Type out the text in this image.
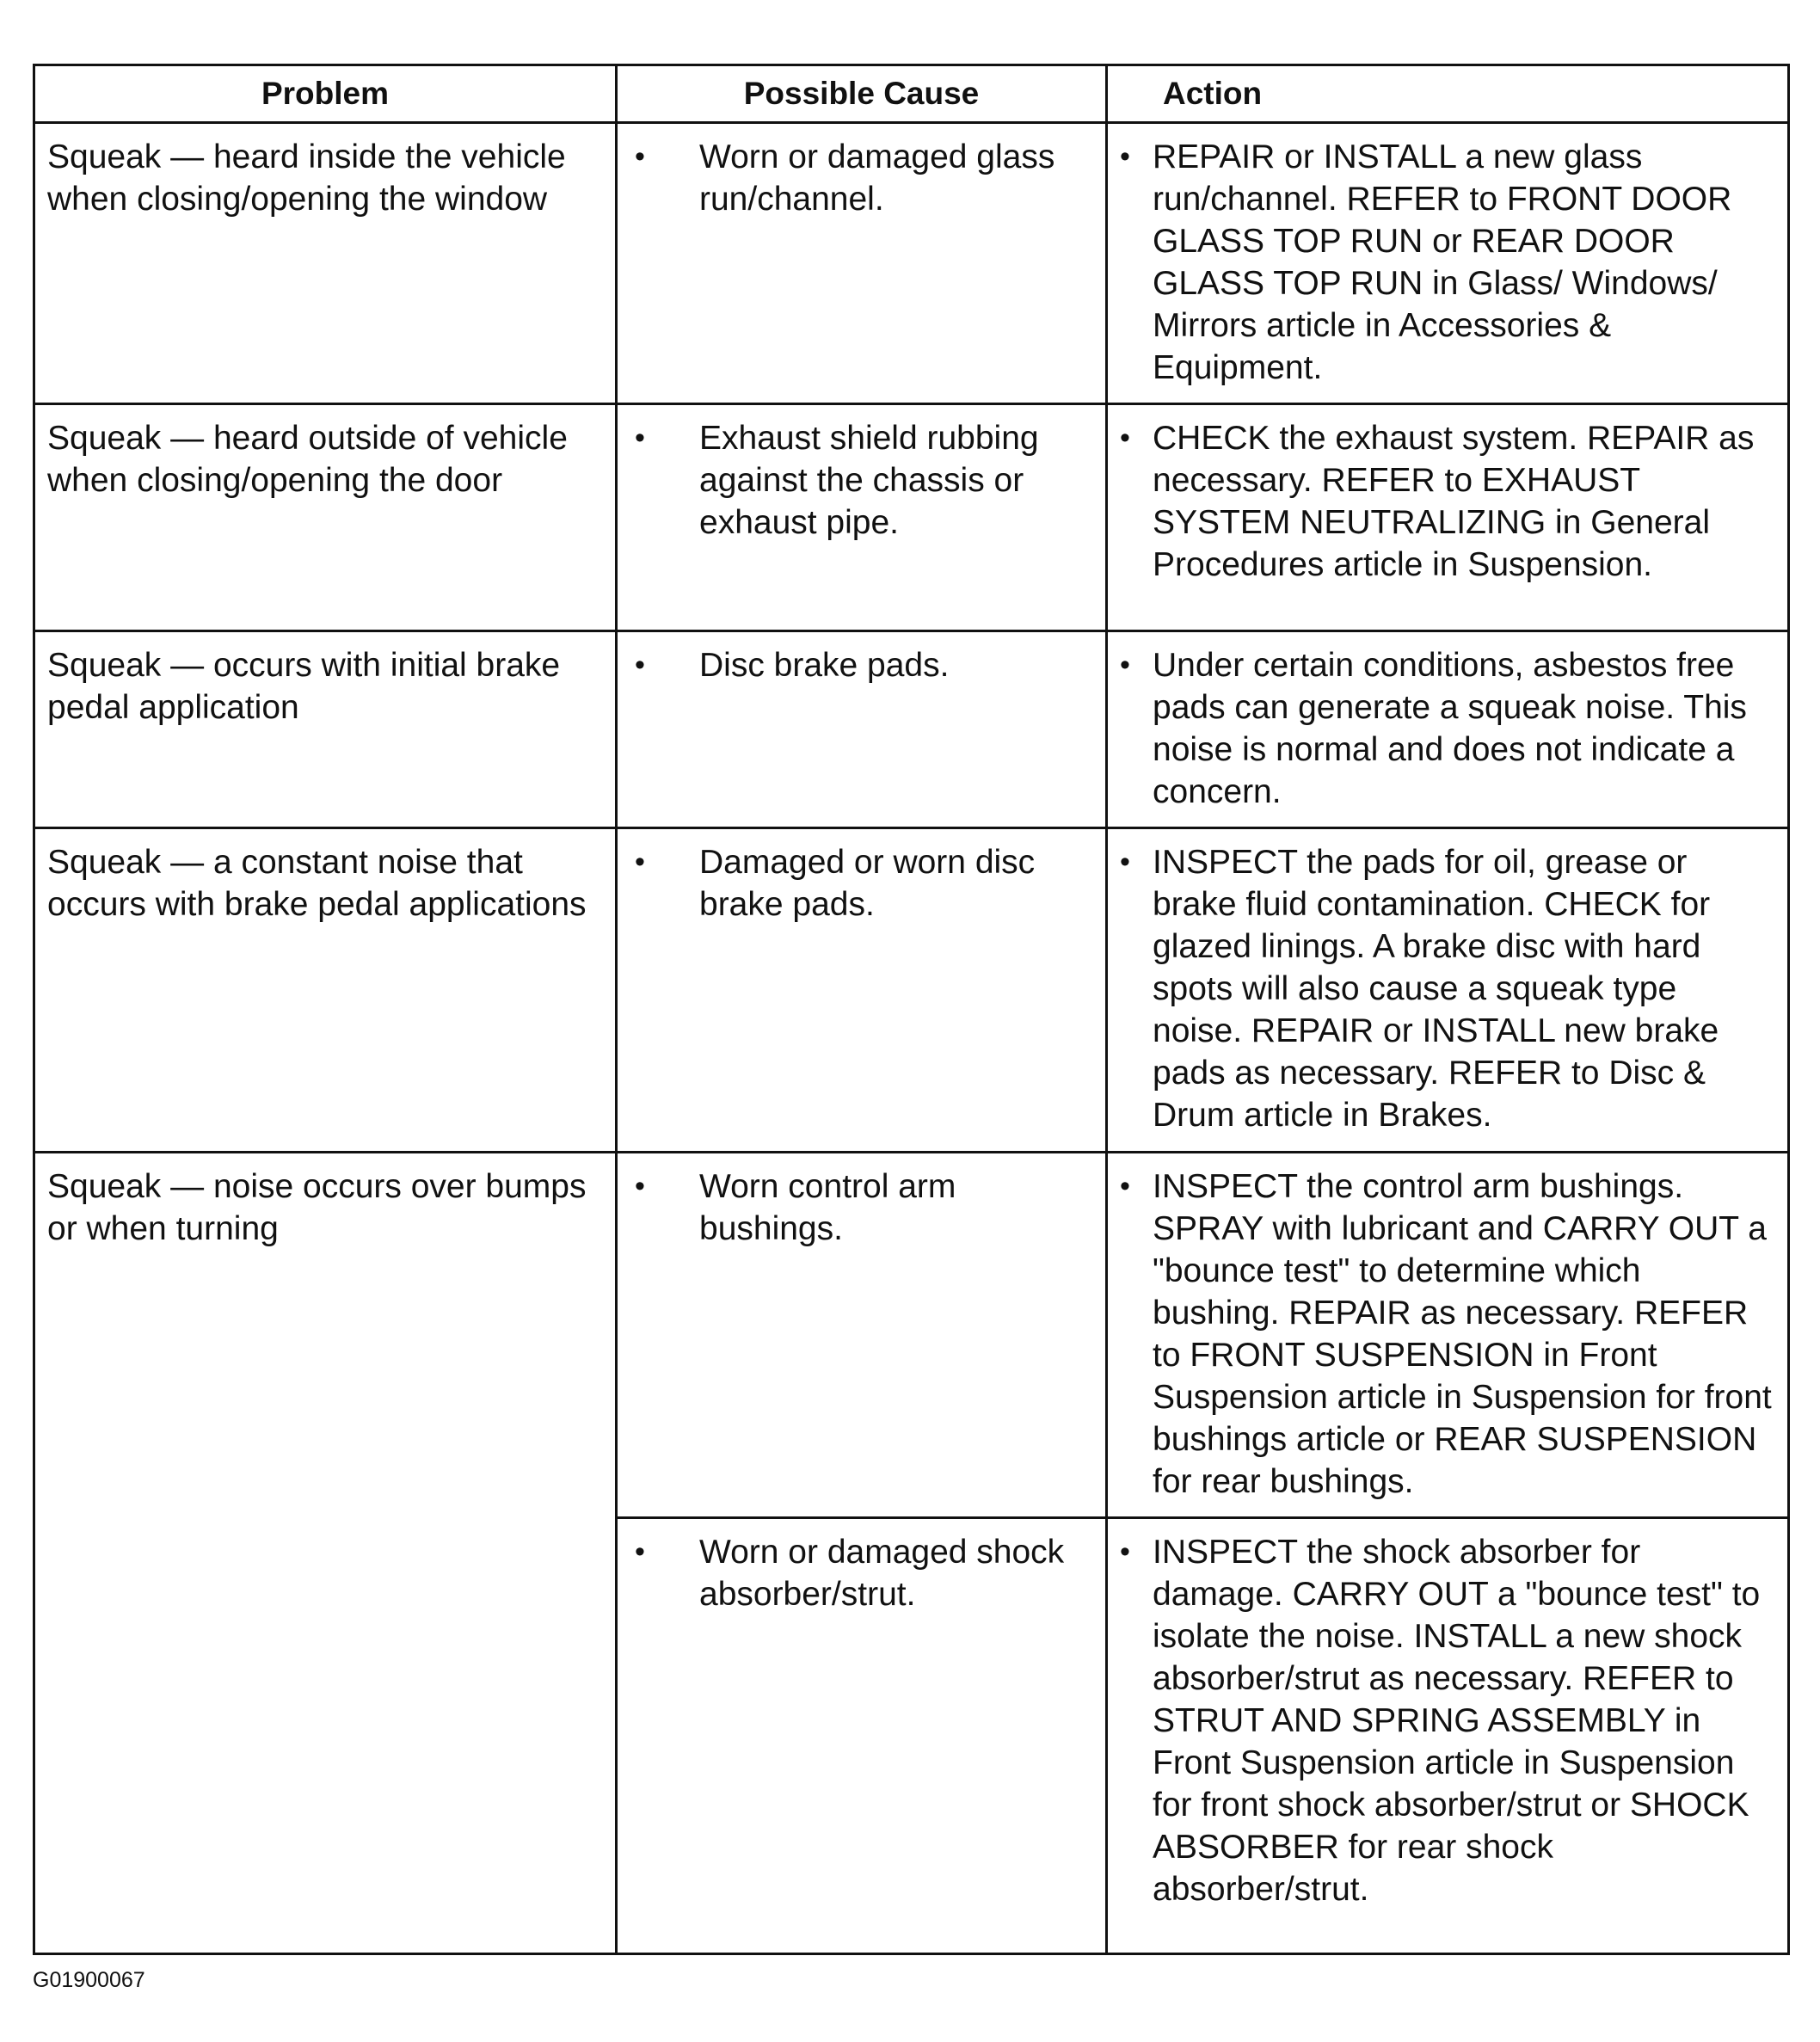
Problem	Possible Cause	Action
Squeak — heard inside the vehicle when closing/opening the window	• Worn or damaged glass run/channel.	• REPAIR or INSTALL a new glass run/channel. REFER to FRONT DOOR GLASS TOP RUN or REAR DOOR GLASS TOP RUN in Glass/ Windows/ Mirrors article in Accessories & Equipment.

Squeak — heard outside of vehicle when closing/opening the door	• Exhaust shield rubbing against the chassis or exhaust pipe.	• CHECK the exhaust system. REPAIR as necessary. REFER to EXHAUST SYSTEM NEUTRALIZING in General Procedures article in Suspension.

Squeak — occurs with initial brake pedal application	• Disc brake pads.	• Under certain conditions, asbestos free pads can generate a squeak noise. This noise is normal and does not indicate a concern.

Squeak — a constant noise that occurs with brake pedal applications	• Damaged or worn disc brake pads.	• INSPECT the pads for oil, grease or brake fluid contamination. CHECK for glazed linings. A brake disc with hard spots will also cause a squeak type noise. REPAIR or INSTALL new brake pads as necessary. REFER to Disc & Drum article in Brakes.

Squeak — noise occurs over bumps or when turning	• Worn control arm bushings.	• INSPECT the control arm bushings. SPRAY with lubricant and CARRY OUT a "bounce test" to determine which bushing. REPAIR as necessary. REFER to FRONT SUSPENSION in Front Suspension article in Suspension for front bushings article or REAR SUSPENSION for rear bushings.

	• Worn or damaged shock absorber/strut.	• INSPECT the shock absorber for damage. CARRY OUT a "bounce test" to isolate the noise. INSTALL a new shock absorber/strut as necessary. REFER to STRUT AND SPRING ASSEMBLY in Front Suspension article in Suspension for front shock absorber/strut or SHOCK ABSORBER for rear shock absorber/strut.
G01900067
